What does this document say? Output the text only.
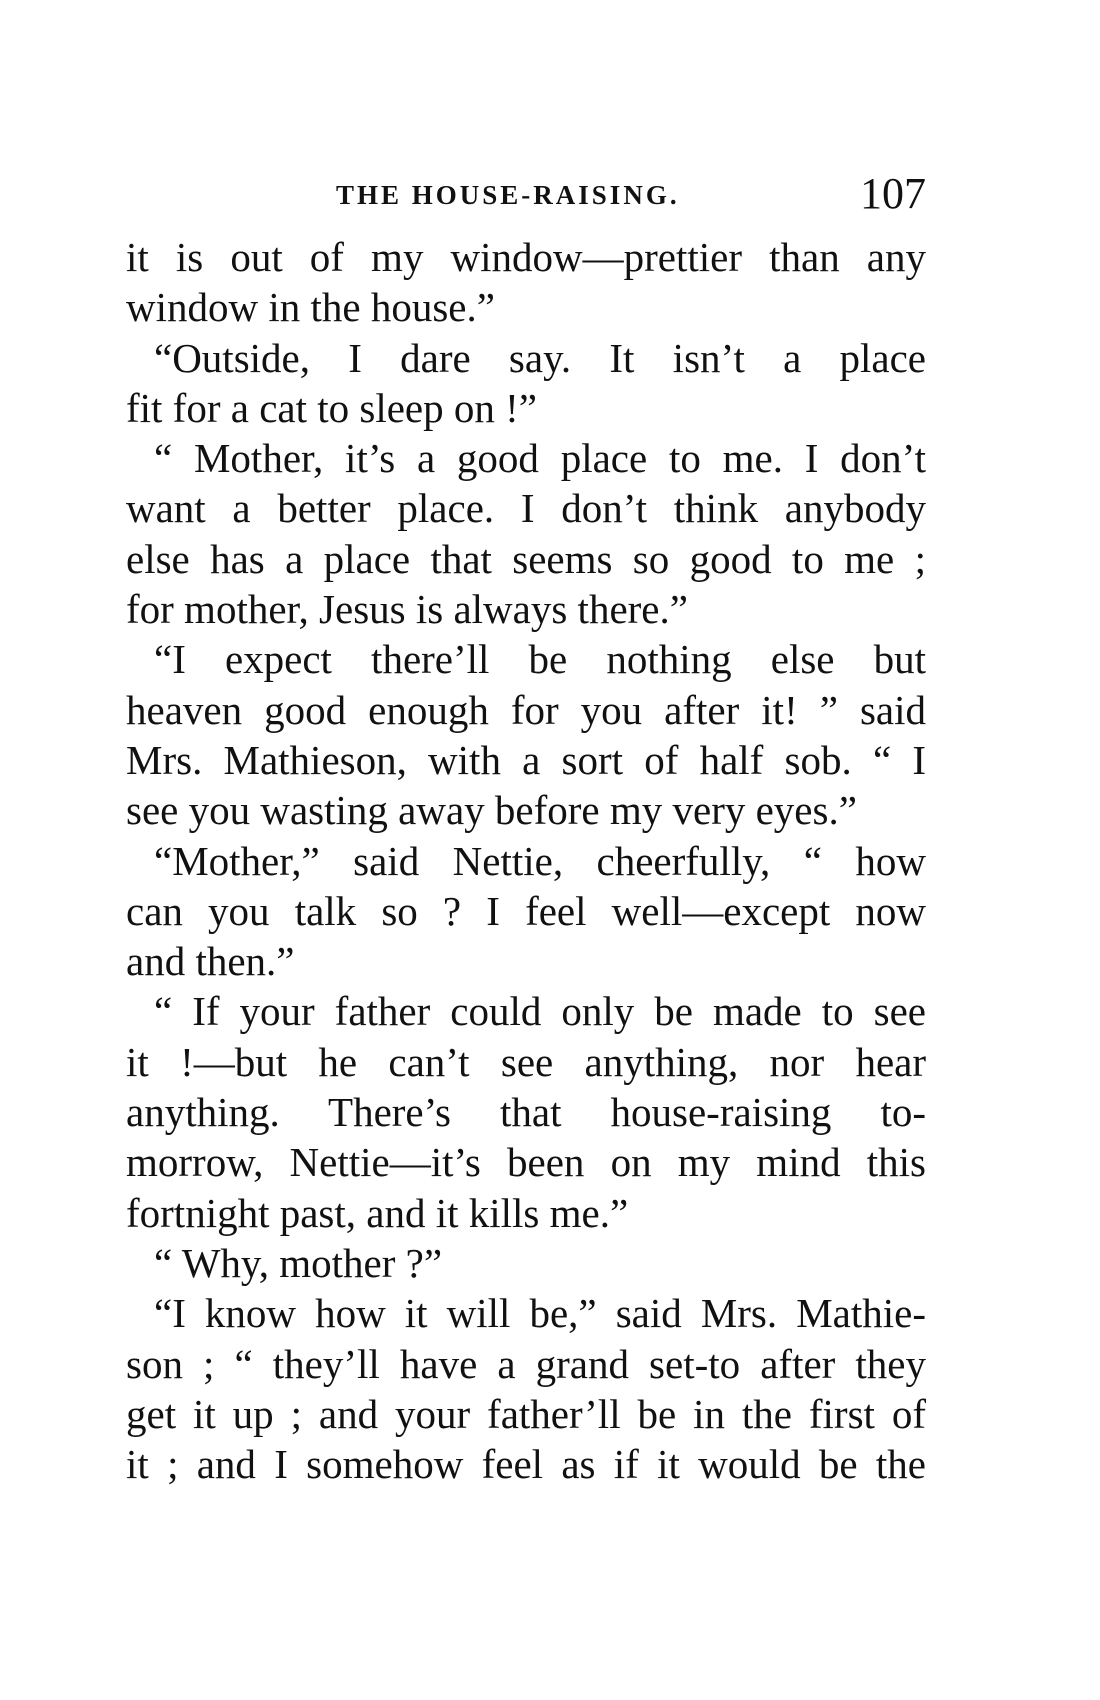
THE HOUSE-RAISING.	107
it is out of my window—prettier than any
window in the house.”
“Outside, I dare say. It isn’t a place
fit for a cat to sleep on !”
“ Mother, it’s a good place to me. I don’t
want a better place. I don’t think anybody
else has a place that seems so good to me ;
for mother, Jesus is always there.”
“I expect there’ll be nothing else but
heaven good enough for you after it! ” said
Mrs. Mathieson, with a sort of half sob. “ I
see you wasting away before my very eyes.”
“Mother,” said Nettie, cheerfully, “ how
can you talk so ? I feel well—except now
and then.”
“ If your father could only be made to see
it !—but he can’t see anything, nor hear
anything. There’s that house-raising to-
morrow, Nettie—it’s been on my mind this
fortnight past, and it kills me.”
“ Why, mother ?”
“I know how it will be,” said Mrs. Mathie-
son ; “ they’ll have a grand set-to after they
get it up ; and your father’ll be in the first of
it ; and I somehow feel as if it would be the
